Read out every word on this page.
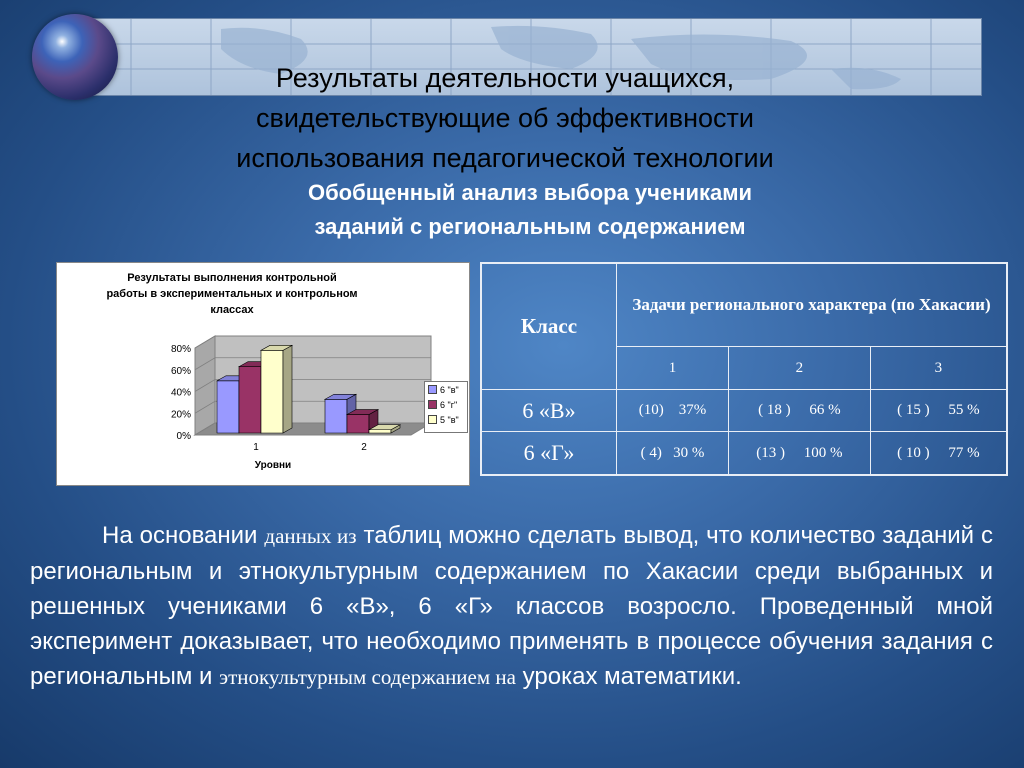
Результаты деятельности учащихся,
свидетельствующие об эффективности
использования педагогической технологии
Обобщенный анализ выбора учениками
заданий с региональным содержанием
0%
20%
40%
60%
80%
1	2
Уровни
Результаты выполнения контрольной
работы в экспериментальных и контрольном
классах
6 "в"
6 "г"
5 "в"
Класс	Задачи регионального характера (по Хакасии)		
	1	2	3
6 «В»	(10)    37%	( 18 )     66 %	( 15 )     55 %
6 «Г»	( 4)   30 %	(13 )     100 %	( 10 )     77 %
На основании данных из таблиц можно сделать вывод, что количество заданий с региональным и этнокультурным содержанием по Хакасии среди выбранных и решенных учениками 6 «В», 6 «Г» классов возросло. Проведенный мной эксперимент доказывает, что необходимо применять в процессе обучения задания с региональным и этнокультурным содержанием на уроках математики.
